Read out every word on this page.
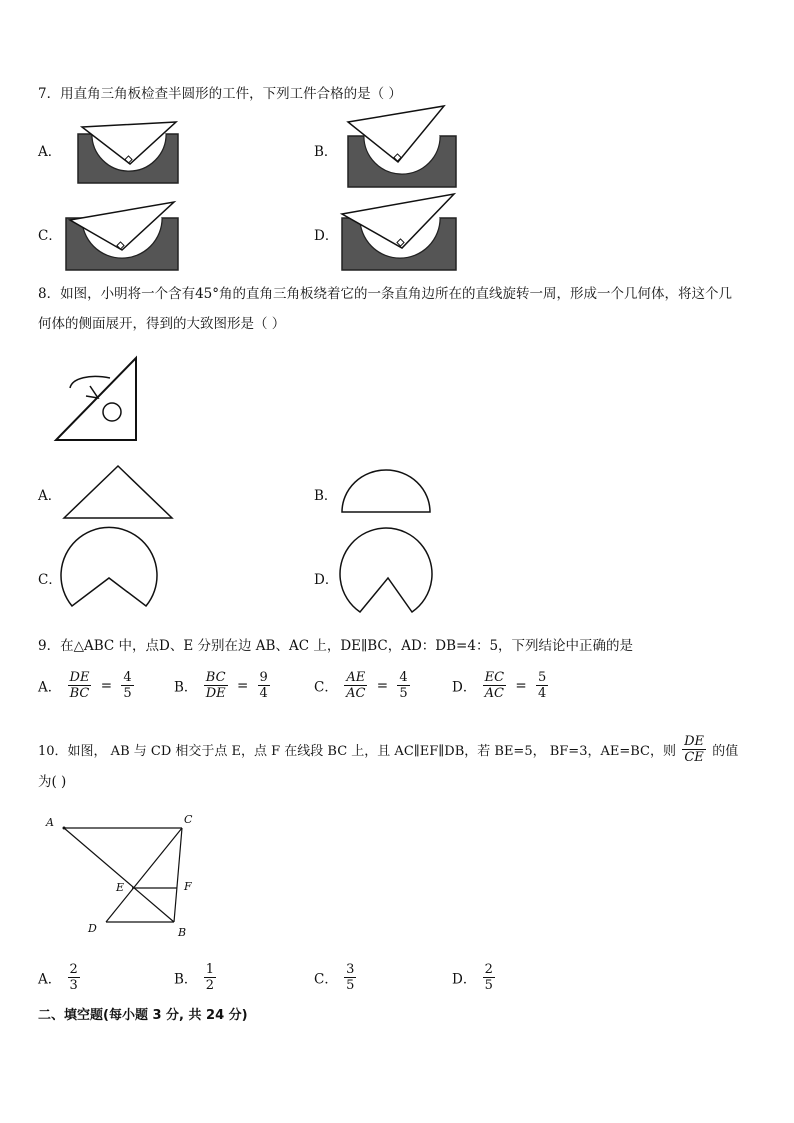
7．用直角三角板检查半圆形的工件，下列工件合格的是（ ）
A．	B．
C．	D．
8．如图，小明将一个含有45°角的直角三角板绕着它的一条直角边所在的直线旋转一周，形成一个几何体，将这个几
何体的侧面展开，得到的大致图形是（ ）
A．	B．
C．	D．
9．在△ABC 中，点D、E 分别在边 AB、AC 上，DE∥BC，AD：DB=4：5，下列结论中正确的是
A． $\frac{DE}{BC} = \frac{4}{5}$	B． $\frac{BC}{DE} = \frac{9}{4}$	C． $\frac{AE}{AC} = \frac{4}{5}$	D． $\frac{EC}{AC} = \frac{5}{4}$
10．如图， AB 与 CD 相交于点 E，点 F 在线段 BC 上，且 AC∥EF∥DB，若 BE=5， BF=3，AE=BC，则 $\frac{DE}{CE}$ 的值
为( )
A	C
E	F
D	B
A． $\frac{2}{3}$	B． $\frac{1}{2}$	C． $\frac{3}{5}$	D． $\frac{2}{5}$
二、填空题(每小题 3 分, 共 24 分)
